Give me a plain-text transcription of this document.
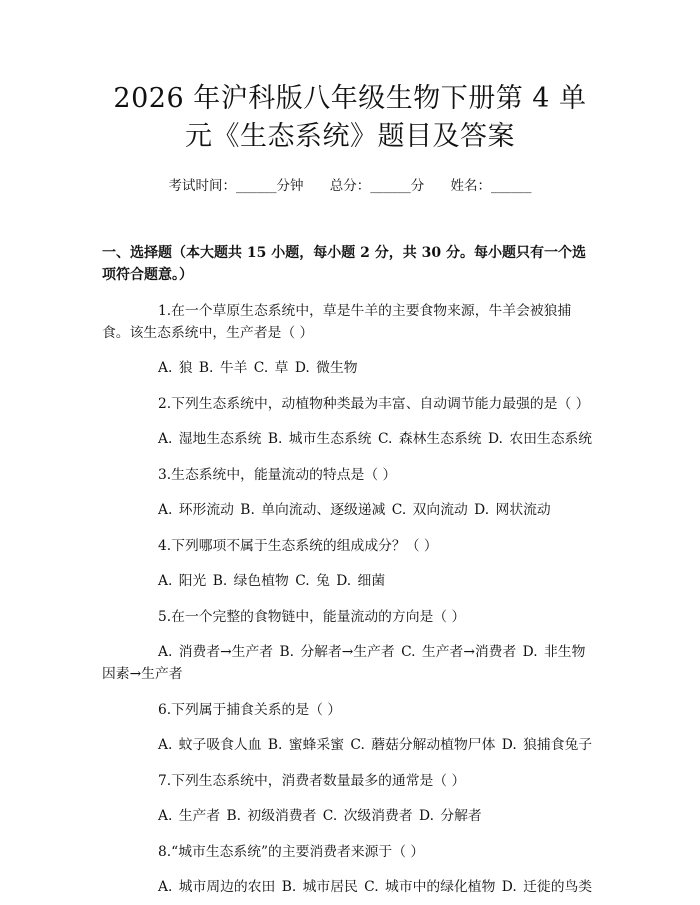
2026 年沪科版八年级生物下册第 4 单元《生态系统》题目及答案
考试时间：______分钟 总分：______分 姓名：______
一、选择题（本大题共 15 小题，每小题 2 分，共 30 分。每小题只有一个选项符合题意。）
1.在一个草原生态系统中，草是牛羊的主要食物来源，牛羊会被狼捕食。该生态系统中，生产者是（ ）
A. 狼 B. 牛羊 C. 草 D. 微生物
2.下列生态系统中，动植物种类最为丰富、自动调节能力最强的是（ ）
A. 湿地生态系统 B. 城市生态系统 C. 森林生态系统 D. 农田生态系统
3.生态系统中，能量流动的特点是（ ）
A. 环形流动 B. 单向流动、逐级递减 C. 双向流动 D. 网状流动
4.下列哪项不属于生态系统的组成成分？（ ）
A. 阳光 B. 绿色植物 C. 兔 D. 细菌
5.在一个完整的食物链中，能量流动的方向是（ ）
A. 消费者→生产者 B. 分解者→生产者 C. 生产者→消费者 D. 非生物因素→生产者
6.下列属于捕食关系的是（ ）
A. 蚊子吸食人血 B. 蜜蜂采蜜 C. 蘑菇分解动植物尸体 D. 狼捕食兔子
7.下列生态系统中，消费者数量最多的通常是（ ）
A. 生产者 B. 初级消费者 C. 次级消费者 D. 分解者
8.“城市生态系统”的主要消费者来源于（ ）
A. 城市周边的农田 B. 城市居民 C. 城市中的绿化植物 D. 迁徙的鸟类
